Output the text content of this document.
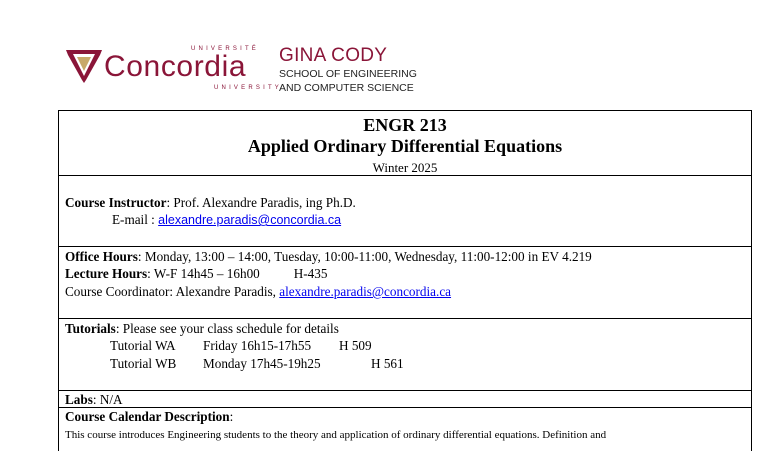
UNIVERSITÉ
Concordia
UNIVERSITY
GINA CODY
SCHOOL OF ENGINEERING
AND COMPUTER SCIENCE
ENGR 213
Applied Ordinary Differential Equations
Winter 2025
Course Instructor: Prof. Alexandre Paradis, ing Ph.D.
E-mail : alexandre.paradis@concordia.ca
Office Hours: Monday, 13:00 – 14:00, Tuesday, 10:00-11:00, Wednesday, 11:00-12:00 in EV 4.219
Lecture Hours: W-F 14h45 – 16h00	H-435
Course Coordinator: Alexandre Paradis, alexandre.paradis@concordia.ca
Tutorials: Please see your class schedule for details
Tutorial WA Friday 16h15-17h55 H 509
Tutorial WB Monday 17h45-19h25	H 561
Labs: N/A
Course Calendar Description:
This course introduces Engineering students to the theory and application of ordinary differential equations. Definition and
